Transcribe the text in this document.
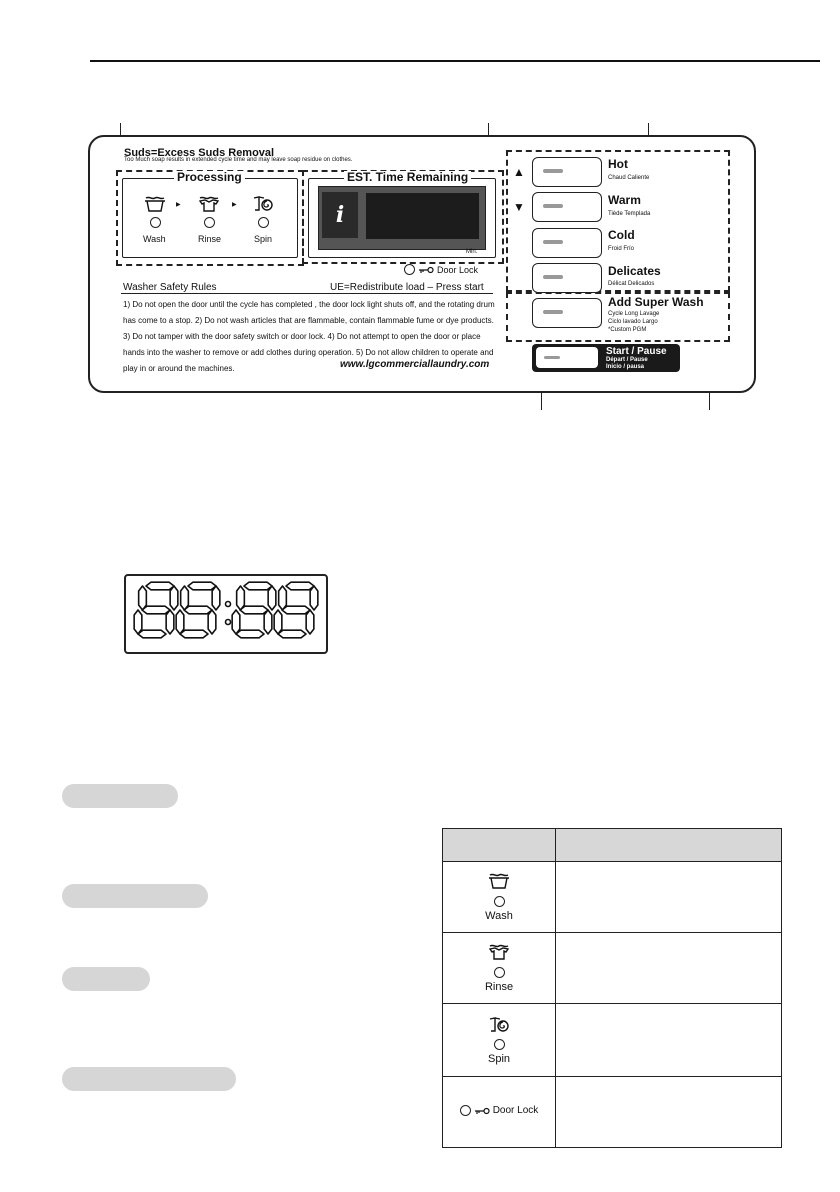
Suds=Excess Suds Removal
Too Much soap results in extended cycle time and may leave soap residue on clothes.
Processing
Wash
▶
Rinse
▶
Spin
EST. Time Remaining
i
Min.
Door Lock
Washer Safety Rules	UE=Redistribute load – Press start
1) Do not open the door until the cycle has completed , the door lock light shuts off, and the rotating drum has come to a stop. 2) Do not wash articles that are flammable, contain flammable fume or dye products. 3) Do not tamper with the door safety switch or door lock. 4) Do not attempt to open the door or place hands into the washer to remove or add clothes during operation. 5) Do not allow children to operate and play in or around the machines.	www.lgcommerciallaundry.com
▲
▼
Hot
Chaud Caliente
Warm
Tiède Templada
Cold
Froid Frío
Delicates
Délicat Delicados
Add Super Wash
Cycle Long Lavage
Ciclo lavado Largo
*Custom PGM
Start / Pause
Départ / Pause
Inicio / pausa

Wash	

Rinse	

Spin	

Door Lock	
